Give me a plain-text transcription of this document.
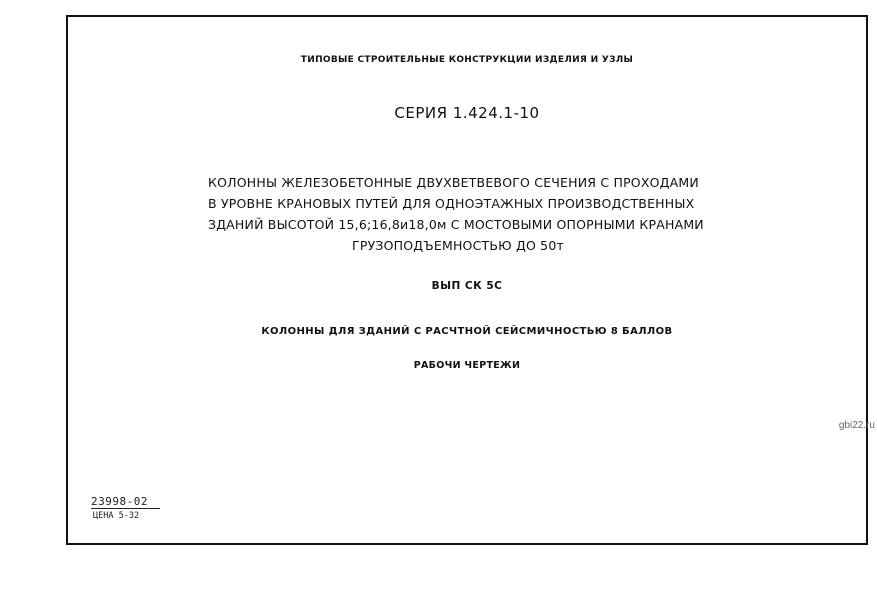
ТИПОВЫЕ СТРОИТЕЛЬНЫЕ КОНСТРУКЦИИ ИЗДЕЛИЯ И УЗЛЫ
СЕРИЯ 1.424.1-10
КОЛОННЫ ЖЕЛЕЗОБЕТОННЫЕ ДВУХВЕТВЕВОГО СЕЧЕНИЯ С ПРОХОДАМИ
В УРОВНЕ КРАНОВЫХ ПУТЕЙ ДЛЯ ОДНОЭТАЖНЫХ ПРОИЗВОДСТВЕННЫХ
ЗДАНИЙ ВЫСОТОЙ 15,6;16,8и18,0м С МОСТОВЫМИ ОПОРНЫМИ КРАНАМИ
ГРУЗОПОДЪЕМНОСТЬЮ ДО 50т
ВЫП СК 5С
КОЛОННЫ ДЛЯ ЗДАНИЙ С РАСЧТНОЙ СЕЙСМИЧНОСТЬЮ 8 БАЛЛОВ
РАБОЧИ ЧЕРТЕЖИ
23998-02
ЦЕНА 5-32
gbi22.ru
